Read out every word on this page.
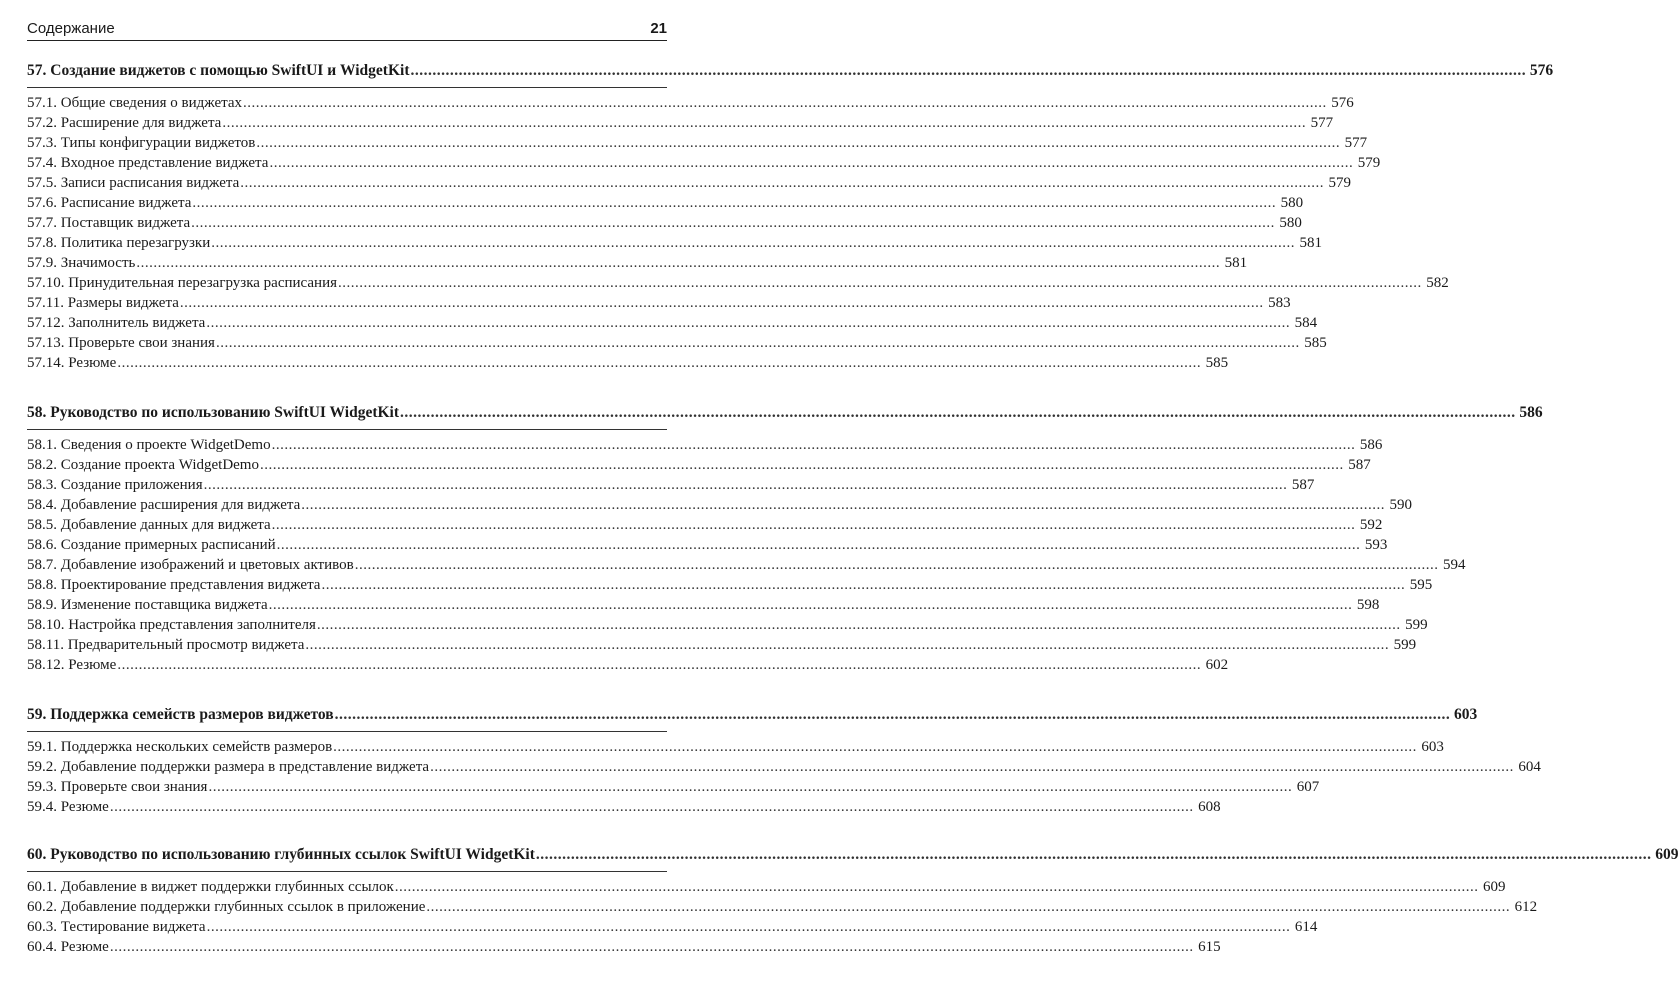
Содержание	21
57. Создание виджетов с помощью SwiftUI и WidgetKit .....	576
57.1. Общие сведения о виджетах .....	576
57.2. Расширение для виджета .....	577
57.3. Типы конфигурации виджетов .....	577
57.4. Входное представление виджета .....	579
57.5. Записи расписания виджета .....	579
57.6. Расписание виджета .....	580
57.7. Поставщик виджета .....	580
57.8. Политика перезагрузки .....	581
57.9. Значимость .....	581
57.10. Принудительная перезагрузка расписания .....	582
57.11. Размеры виджета .....	583
57.12. Заполнитель виджета .....	584
57.13. Проверьте свои знания .....	585
57.14. Резюме .....	585
58. Руководство по использованию SwiftUI WidgetKit .....	586
58.1. Сведения о проекте WidgetDemo .....	586
58.2. Создание проекта WidgetDemo .....	587
58.3. Создание приложения .....	587
58.4. Добавление расширения для виджета .....	590
58.5. Добавление данных для виджета .....	592
58.6. Создание примерных расписаний .....	593
58.7. Добавление изображений и цветовых активов .....	594
58.8. Проектирование представления виджета .....	595
58.9. Изменение поставщика виджета .....	598
58.10. Настройка представления заполнителя .....	599
58.11. Предварительный просмотр виджета .....	599
58.12. Резюме .....	602
59. Поддержка семейств размеров виджетов .....	603
59.1. Поддержка нескольких семейств размеров .....	603
59.2. Добавление поддержки размера в представление виджета .....	604
59.3. Проверьте свои знания .....	607
59.4. Резюме .....	608
60. Руководство по использованию глубинных ссылок SwiftUI WidgetKit .....	609
60.1. Добавление в виджет поддержки глубинных ссылок .....	609
60.2. Добавление поддержки глубинных ссылок в приложение .....	612
60.3. Тестирование виджета .....	614
60.4. Резюме .....	615
